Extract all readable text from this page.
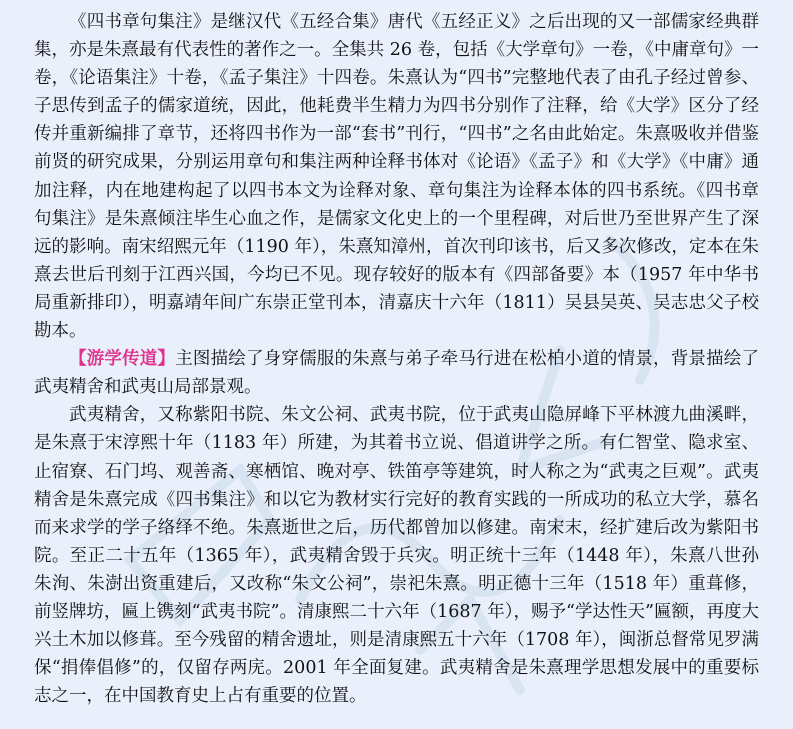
《四书章句集注》是继汉代《五经合集》唐代《五经正义》之后出现的又一部儒家经典群集，亦是朱熹最有代表性的著作之一。全集共 26 卷，包括《大学章句》一卷，《中庸章句》一卷，《论语集注》十卷，《孟子集注》十四卷。朱熹认为“四书”完整地代表了由孔子经过曾参、子思传到孟子的儒家道统，因此，他耗费半生精力为四书分别作了注释，给《大学》区分了经传并重新编排了章节，还将四书作为一部“套书”刊行，“四书”之名由此始定。朱熹吸收并借鉴前贤的研究成果，分别运用章句和集注两种诠释书体对《论语》《孟子》和《大学》《中庸》通加注释，内在地建构起了以四书本文为诠释对象、章句集注为诠释本体的四书系统。《四书章句集注》是朱熹倾注毕生心血之作，是儒家文化史上的一个里程碑，对后世乃至世界产生了深远的影响。南宋绍熙元年（1190 年），朱熹知漳州，首次刊印该书，后又多次修改，定本在朱熹去世后刊刻于江西兴国，今均已不见。现存较好的版本有《四部备要》本（1957 年中华书局重新排印），明嘉靖年间广东崇正堂刊本，清嘉庆十六年（1811）吴县吴英、吴志忠父子校勘本。

【游学传道】主图描绘了身穿儒服的朱熹与弟子牵马行进在松柏小道的情景，背景描绘了武夷精舍和武夷山局部景观。

武夷精舍，又称紫阳书院、朱文公祠、武夷书院，位于武夷山隐屏峰下平林渡九曲溪畔，是朱熹于宋淳熙十年（1183 年）所建，为其着书立说、倡道讲学之所。有仁智堂、隐求室、止宿寮、石门坞、观善斋、寒栖馆、晚对亭、铁笛亭等建筑，时人称之为“武夷之巨观”。武夷精舍是朱熹完成《四书集注》和以它为教材实行完好的教育实践的一所成功的私立大学，慕名而来求学的学子络绎不绝。朱熹逝世之后，历代都曾加以修建。南宋末，经扩建后改为紫阳书院。至正二十五年（1365 年），武夷精舍毁于兵灾。明正统十三年（1448 年），朱熹八世孙朱洵、朱澍出资重建后，又改称“朱文公祠”，崇祀朱熹。明正德十三年（1518 年）重葺修，前竖牌坊，匾上镌刻“武夷书院”。清康熙二十六年（1687 年），赐予“学达性天”匾额，再度大兴土木加以修葺。至今残留的精舍遗址，则是清康熙五十六年（1708 年），闽浙总督常见罗满保“捐俸倡修”的，仅留存两庑。2001 年全面复建。武夷精舍是朱熹理学思想发展中的重要标志之一，在中国教育史上占有重要的位置。
